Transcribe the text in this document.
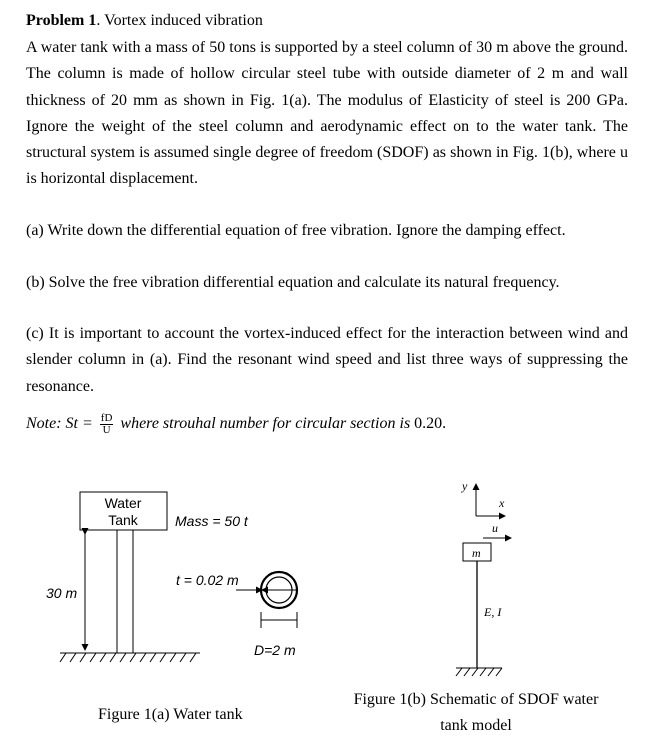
Problem 1. Vortex induced vibration
A water tank with a mass of 50 tons is supported by a steel column of 30 m above the ground. The column is made of hollow circular steel tube with outside diameter of 2 m and wall thickness of 20 mm as shown in Fig. 1(a). The modulus of Elasticity of steel is 200 GPa. Ignore the weight of the steel column and aerodynamic effect on to the water tank. The structural system is assumed single degree of freedom (SDOF) as shown in Fig. 1(b), where u is horizontal displacement.
(a) Write down the differential equation of free vibration. Ignore the damping effect.
(b) Solve the free vibration differential equation and calculate its natural frequency.
(c) It is important to account the vortex-induced effect for the interaction between wind and slender column in (a). Find the resonant wind speed and list three ways of suppressing the resonance.
Note: $St = \frac{fD}{U}$ where strouhal number for circular section is 0.20.
Water
Tank	Mass = 50 t
30 m
t = 0.02 m
D=2 m
Figure 1(a) Water tank
y
x
u
m
E, I
Figure 1(b) Schematic of SDOF water
tank model
